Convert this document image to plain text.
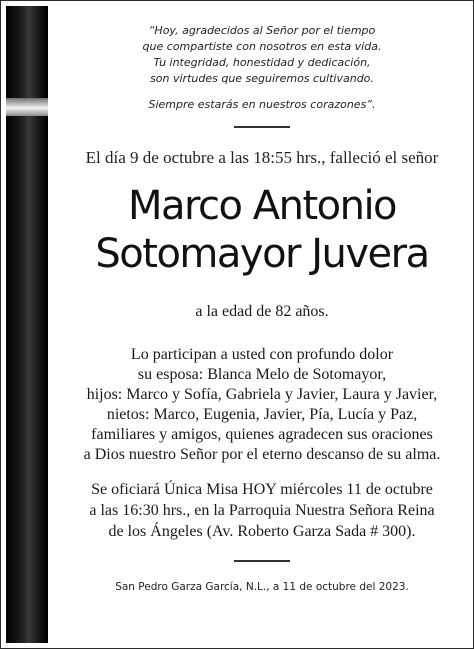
“Hoy, agradecidos al Señor por el tiempo
que compartiste con nosotros en esta vida.
Tu integridad, honestidad y dedicación,
son virtudes que seguiremos cultivando.
Siempre estarás en nuestros corazones”.
El día 9 de octubre a las 18:55 hrs., falleció el señor
Marco Antonio
Sotomayor Juvera
a la edad de 82 años.
Lo participan a usted con profundo dolor
su esposa: Blanca Melo de Sotomayor,
hijos: Marco y Sofía, Gabriela y Javier, Laura y Javier,
nietos: Marco, Eugenia, Javier, Pía, Lucía y Paz,
familiares y amigos, quienes agradecen sus oraciones
a Dios nuestro Señor por el eterno descanso de su alma.
Se oficiará Única Misa HOY miércoles 11 de octubre
a las 16:30 hrs., en la Parroquia Nuestra Señora Reina
de los Ángeles (Av. Roberto Garza Sada # 300).
San Pedro Garza García, N.L., a 11 de octubre del 2023.
